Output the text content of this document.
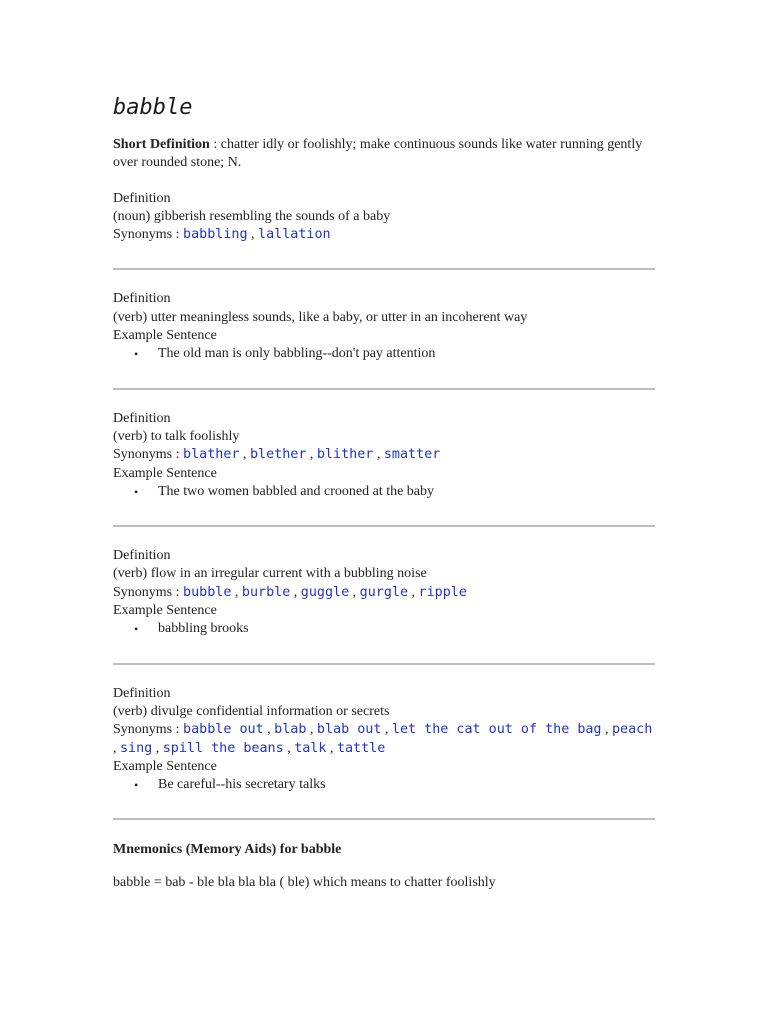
babble

Short Definition : chatter idly or foolishly; make continuous sounds like water running gently over rounded stone; N.

Definition

(noun) gibberish resembling the sounds of a baby

Synonyms : babbling , lallation

Definition

(verb) utter meaningless sounds, like a baby, or utter in an incoherent way

Example Sentence

• The old man is only babbling--don't pay attention

Definition

(verb) to talk foolishly

Synonyms : blather , blether , blither , smatter

Example Sentence

• The two women babbled and crooned at the baby

Definition

(verb) flow in an irregular current with a bubbling noise

Synonyms : bubble , burble , guggle , gurgle , ripple

Example Sentence

• babbling brooks

Definition

(verb) divulge confidential information or secrets

Synonyms : babble out , blab , blab out , let the cat out of the bag , peach , sing , spill the beans , talk , tattle

Example Sentence

• Be careful--his secretary talks

Mnemonics (Memory Aids) for babble

babble = bab - ble bla bla bla ( ble) which means to chatter foolishly
